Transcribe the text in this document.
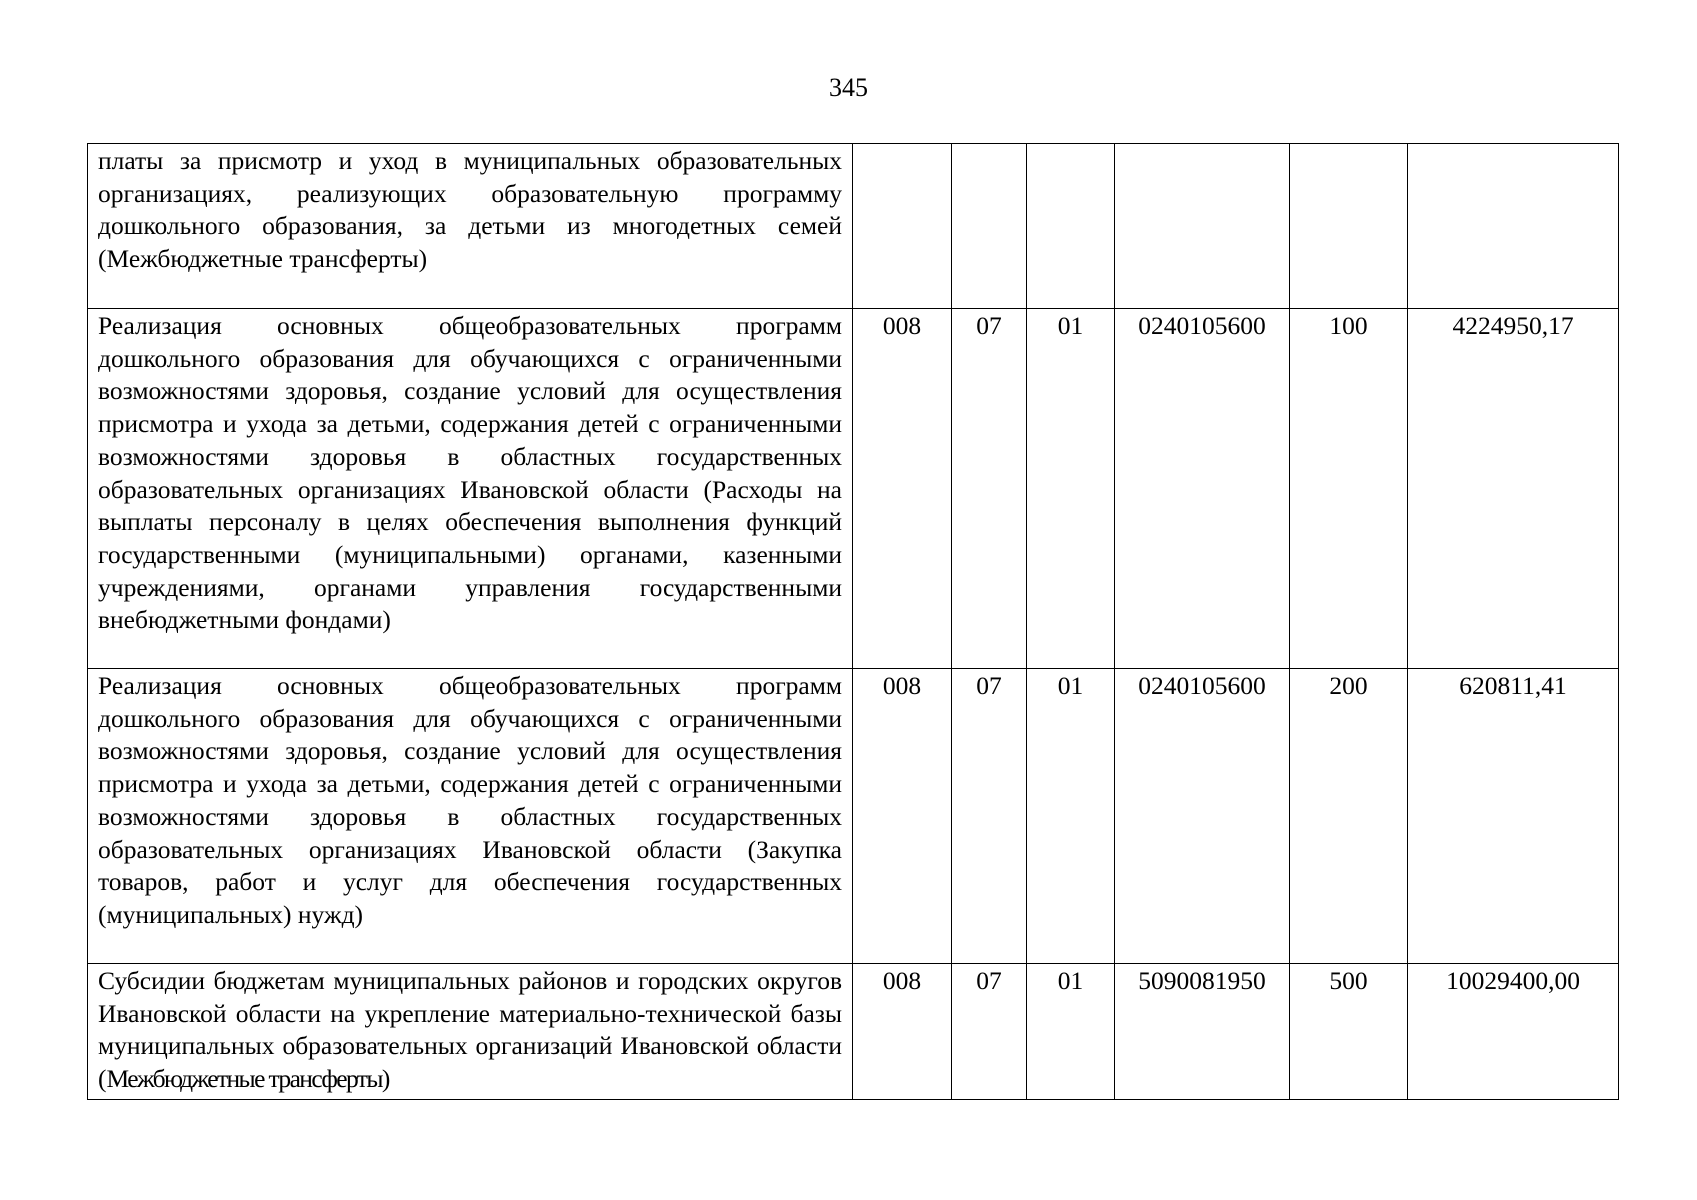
345
платы за присмотр и уход в муниципальных образовательных организациях, реализующих образовательную программу дошкольного образования, за детьми из многодетных семей (Межбюджетные трансферты)						
Реализация основных общеобразовательных программ дошкольного образования для обучающихся с ограниченными возможностями здоровья, создание условий для осуществления присмотра и ухода за детьми, содержания детей с ограниченными возможностями здоровья в областных государственных образовательных организациях Ивановской области (Расходы на выплаты персоналу в целях обеспечения выполнения функций государственными (муниципальными) органами, казенными учреждениями, органами управления государственными внебюджетными фондами)	008	07	01	0240105600	100	4224950,17
Реализация основных общеобразовательных программ дошкольного образования для обучающихся с ограниченными возможностями здоровья, создание условий для осуществления присмотра и ухода за детьми, содержания детей с ограниченными возможностями здоровья в областных государственных образовательных организациях Ивановской области (Закупка товаров, работ и услуг для обеспечения государственных (муниципальных) нужд)	008	07	01	0240105600	200	620811,41
Субсидии бюджетам муниципальных районов и городских округов Ивановской области на укрепление материально-технической базы муниципальных образовательных организаций Ивановской области (Межбюджетные трансферты)	008	07	01	5090081950	500	10029400,00
